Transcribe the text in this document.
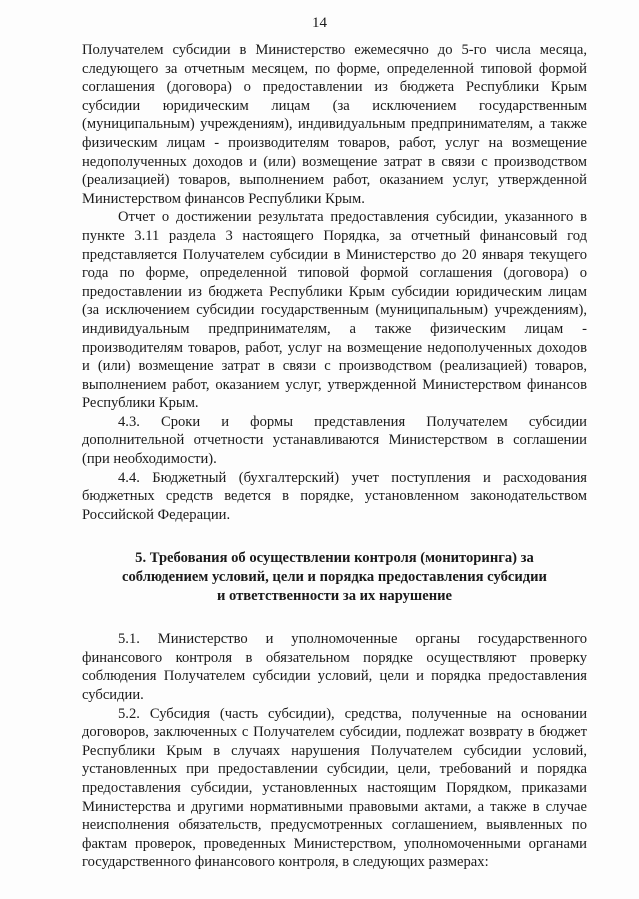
14

Получателем субсидии в Министерство ежемесячно до 5-го числа месяца, следующего за отчетным месяцем, по форме, определенной типовой формой соглашения (договора) о предоставлении из бюджета Республики Крым субсидии юридическим лицам (за исключением государственным (муниципальным) учреждениям), индивидуальным предпринимателям, а также физическим лицам - производителям товаров, работ, услуг на возмещение недополученных доходов и (или) возмещение затрат в связи с производством (реализацией) товаров, выполнением работ, оказанием услуг, утвержденной Министерством финансов Республики Крым.

Отчет о достижении результата предоставления субсидии, указанного в пункте 3.11 раздела 3 настоящего Порядка, за отчетный финансовый год представляется Получателем субсидии в Министерство до 20 января текущего года по форме, определенной типовой формой соглашения (договора) о предоставлении из бюджета Республики Крым субсидии юридическим лицам (за исключением субсидии государственным (муниципальным) учреждениям), индивидуальным предпринимателям, а также физическим лицам - производителям товаров, работ, услуг на возмещение недополученных доходов и (или) возмещение затрат в связи с производством (реализацией) товаров, выполнением работ, оказанием услуг, утвержденной Министерством финансов Республики Крым.

4.3. Сроки и формы представления Получателем субсидии дополнительной отчетности устанавливаются Министерством в соглашении (при необходимости).

4.4. Бюджетный (бухгалтерский) учет поступления и расходования бюджетных средств ведется в порядке, установленном законодательством Российской Федерации.

5. Требования об осуществлении контроля (мониторинга) за
соблюдением условий, цели и порядка предоставления субсидии
и ответственности за их нарушение

5.1. Министерство и уполномоченные органы государственного финансового контроля в обязательном порядке осуществляют проверку соблюдения Получателем субсидии условий, цели и порядка предоставления субсидии.

5.2. Субсидия (часть субсидии), средства, полученные на основании договоров, заключенных с Получателем субсидии, подлежат возврату в бюджет Республики Крым в случаях нарушения Получателем субсидии условий, установленных при предоставлении субсидии, цели, требований и порядка предоставления субсидии, установленных настоящим Порядком, приказами Министерства и другими нормативными правовыми актами, а также в случае неисполнения обязательств, предусмотренных соглашением, выявленных по фактам проверок, проведенных Министерством, уполномоченными органами государственного финансового контроля, в следующих размерах:
